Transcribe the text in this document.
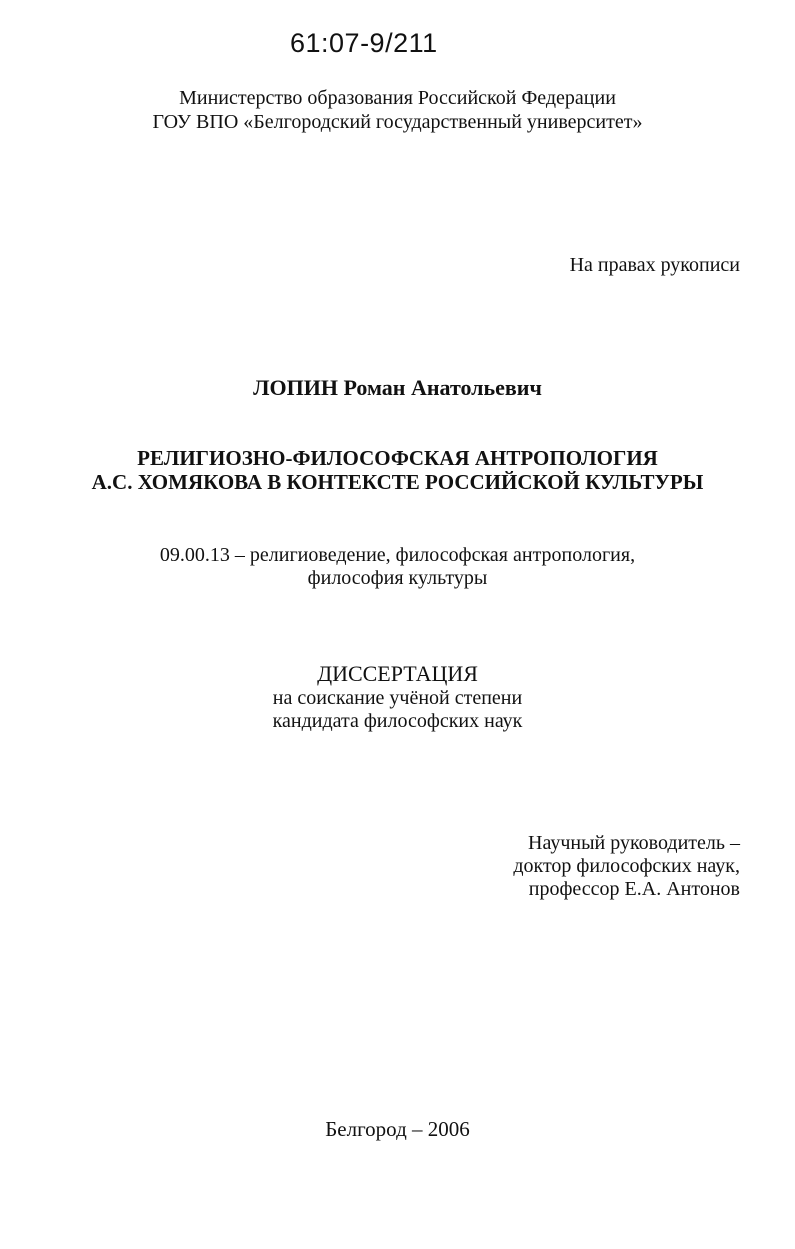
61:07-9/211
Министерство образования Российской Федерации
ГОУ ВПО «Белгородский государственный университет»
На правах рукописи
ЛОПИН Роман Анатольевич
РЕЛИГИОЗНО-ФИЛОСОФСКАЯ АНТРОПОЛОГИЯ
А.С. ХОМЯКОВА В КОНТЕКСТЕ РОССИЙСКОЙ КУЛЬТУРЫ
09.00.13 – религиоведение, философская антропология,
философия культуры
ДИССЕРТАЦИЯ
на соискание учёной степени
кандидата философских наук
Научный руководитель –
доктор философских наук,
профессор Е.А. Антонов
Белгород – 2006
